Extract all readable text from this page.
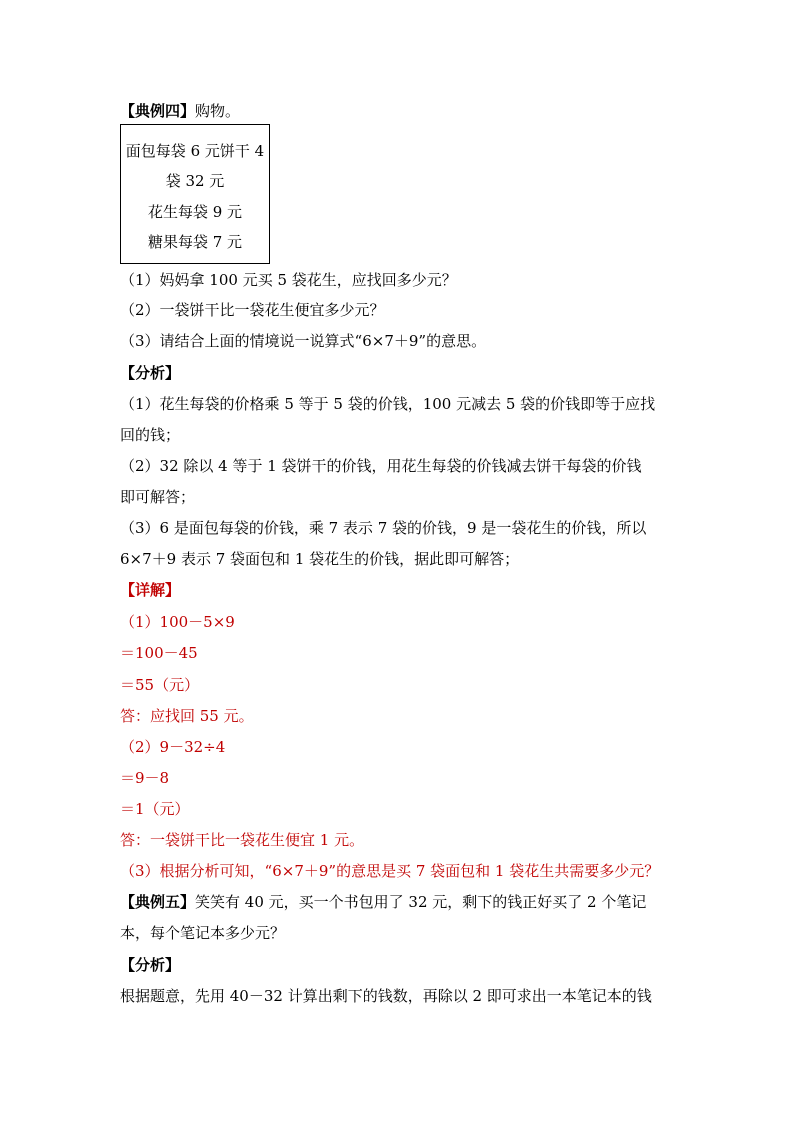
【典例四】购物。
面包每袋 6 元饼干 4
袋 32 元
花生每袋 9 元
糖果每袋 7 元
（1）妈妈拿 100 元买 5 袋花生，应找回多少元？
（2）一袋饼干比一袋花生便宜多少元？
（3）请结合上面的情境说一说算式“6×7＋9”的意思。
【分析】
（1）花生每袋的价格乘 5 等于 5 袋的价钱，100 元减去 5 袋的价钱即等于应找
回的钱；
（2）32 除以 4 等于 1 袋饼干的价钱，用花生每袋的价钱减去饼干每袋的价钱
即可解答；
（3）6 是面包每袋的价钱，乘 7 表示 7 袋的价钱，9 是一袋花生的价钱，所以
6×7＋9 表示 7 袋面包和 1 袋花生的价钱，据此即可解答；
【详解】
（1）100－5×9
＝100－45
＝55（元）
答：应找回 55 元。
（2）9－32÷4
＝9－8
＝1（元）
答：一袋饼干比一袋花生便宜 1 元。
（3）根据分析可知，“6×7＋9”的意思是买 7 袋面包和 1 袋花生共需要多少元？
【典例五】笑笑有 40 元，买一个书包用了 32 元，剩下的钱正好买了 2 个笔记
本，每个笔记本多少元？
【分析】
根据题意，先用 40－32 计算出剩下的钱数，再除以 2 即可求出一本笔记本的钱
